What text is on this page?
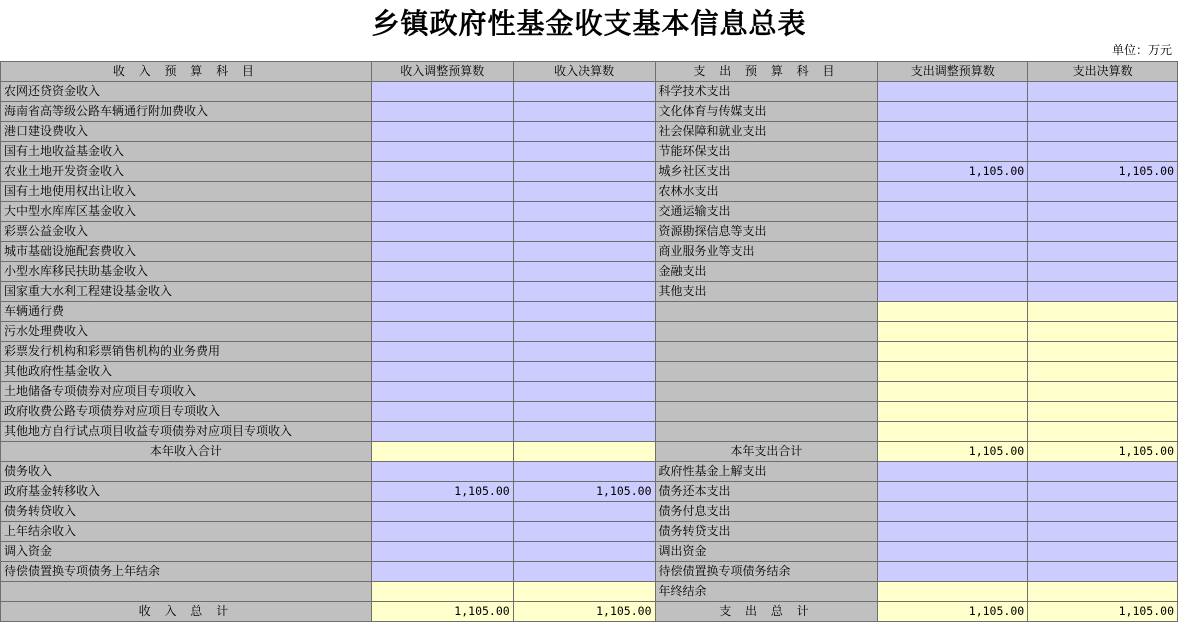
乡镇政府性基金收支基本信息总表
单位：万元
收 入 预 算 科 目	收入调整预算数	收入决算数	支 出 预 算 科 目	支出调整预算数	支出决算数
农网还贷资金收入			科学技术支出		
海南省高等级公路车辆通行附加费收入			文化体育与传媒支出		
港口建设费收入			社会保障和就业支出		
国有土地收益基金收入			节能环保支出		
农业土地开发资金收入			城乡社区支出	1,105.00	1,105.00
国有土地使用权出让收入			农林水支出		
大中型水库库区基金收入			交通运输支出		
彩票公益金收入			资源勘探信息等支出		
城市基础设施配套费收入			商业服务业等支出		
小型水库移民扶助基金收入			金融支出		
国家重大水利工程建设基金收入			其他支出		
车辆通行费					
污水处理费收入					
彩票发行机构和彩票销售机构的业务费用					
其他政府性基金收入					
土地储备专项债券对应项目专项收入					
政府收费公路专项债券对应项目专项收入					
其他地方自行试点项目收益专项债券对应项目专项收入					
本年收入合计			本年支出合计	1,105.00	1,105.00
债务收入			政府性基金上解支出		
政府基金转移收入	1,105.00	1,105.00	债务还本支出		
债务转贷收入			债务付息支出		
上年结余收入			债务转贷支出		
调入资金			调出资金		
待偿债置换专项债务上年结余			待偿债置换专项债务结余		
			年终结余		
收 入 总 计	1,105.00	1,105.00	支 出 总 计	1,105.00	1,105.00
